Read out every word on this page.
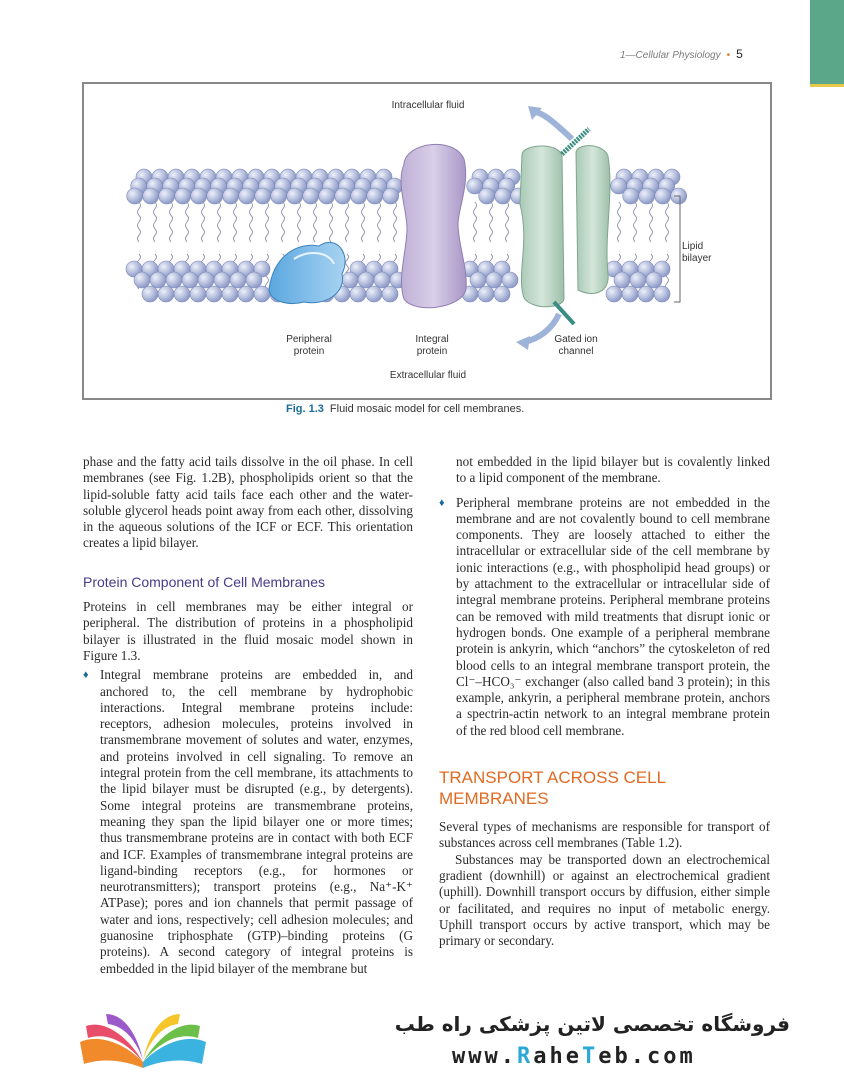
1—Cellular Physiology • 5
Intracellular fluid
Lipid
bilayer
Peripheral
protein
Integral
protein
Gated ion
channel
Extracellular fluid
Fig. 1.3 Fluid mosaic model for cell membranes.

phase and the fatty acid tails dissolve in the oil phase. In cell membranes (see Fig. 1.2B), phospholipids orient so that the lipid-soluble fatty acid tails face each other and the water-soluble glycerol heads point away from each other, dissolving in the aqueous solutions of the ICF or ECF. This orientation creates a lipid bilayer.

Protein Component of Cell Membranes

Proteins in cell membranes may be either integral or peripheral. The distribution of proteins in a phospholipid bilayer is illustrated in the fluid mosaic model shown in Figure 1.3.

♦ Integral membrane proteins are embedded in, and anchored to, the cell membrane by hydrophobic interactions. Integral membrane proteins include: receptors, adhesion molecules, proteins involved in transmembrane movement of solutes and water, enzymes, and proteins involved in cell signaling. To remove an integral protein from the cell membrane, its attachments to the lipid bilayer must be disrupted (e.g., by detergents). Some integral proteins are transmembrane proteins, meaning they span the lipid bilayer one or more times; thus transmembrane proteins are in contact with both ECF and ICF. Examples of transmembrane integral proteins are ligand-binding receptors (e.g., for hormones or neurotransmitters); transport proteins (e.g., Na⁺-K⁺ ATPase); pores and ion channels that permit passage of water and ions, respectively; cell adhesion molecules; and guanosine triphosphate (GTP)–binding proteins (G proteins). A second category of integral proteins is embedded in the lipid bilayer of the membrane but

not embedded in the lipid bilayer but is covalently linked to a lipid component of the membrane.

♦ Peripheral membrane proteins are not embedded in the membrane and are not covalently bound to cell membrane components. They are loosely attached to either the intracellular or extracellular side of the cell membrane by ionic interactions (e.g., with phospholipid head groups) or by attachment to the extracellular or intracellular side of integral membrane proteins. Peripheral membrane proteins can be removed with mild treatments that disrupt ionic or hydrogen bonds. One example of a peripheral membrane protein is ankyrin, which “anchors” the cytoskeleton of red blood cells to an integral membrane transport protein, the Cl⁻–HCO₃⁻ exchanger (also called band 3 protein); in this example, ankyrin, a peripheral membrane protein, anchors a spectrin-actin network to an integral membrane protein of the red blood cell membrane.

TRANSPORT ACROSS CELL
MEMBRANES

Several types of mechanisms are responsible for transport of substances across cell membranes (Table 1.2).

Substances may be transported down an electrochemical gradient (downhill) or against an electrochemical gradient (uphill). Downhill transport occurs by diffusion, either simple or facilitated, and requires no input of metabolic energy. Uphill transport occurs by active transport, which may be primary or secondary.

فروشگاه تخصصی لاتین پزشکی راه طب
www.RaheTeb.com
